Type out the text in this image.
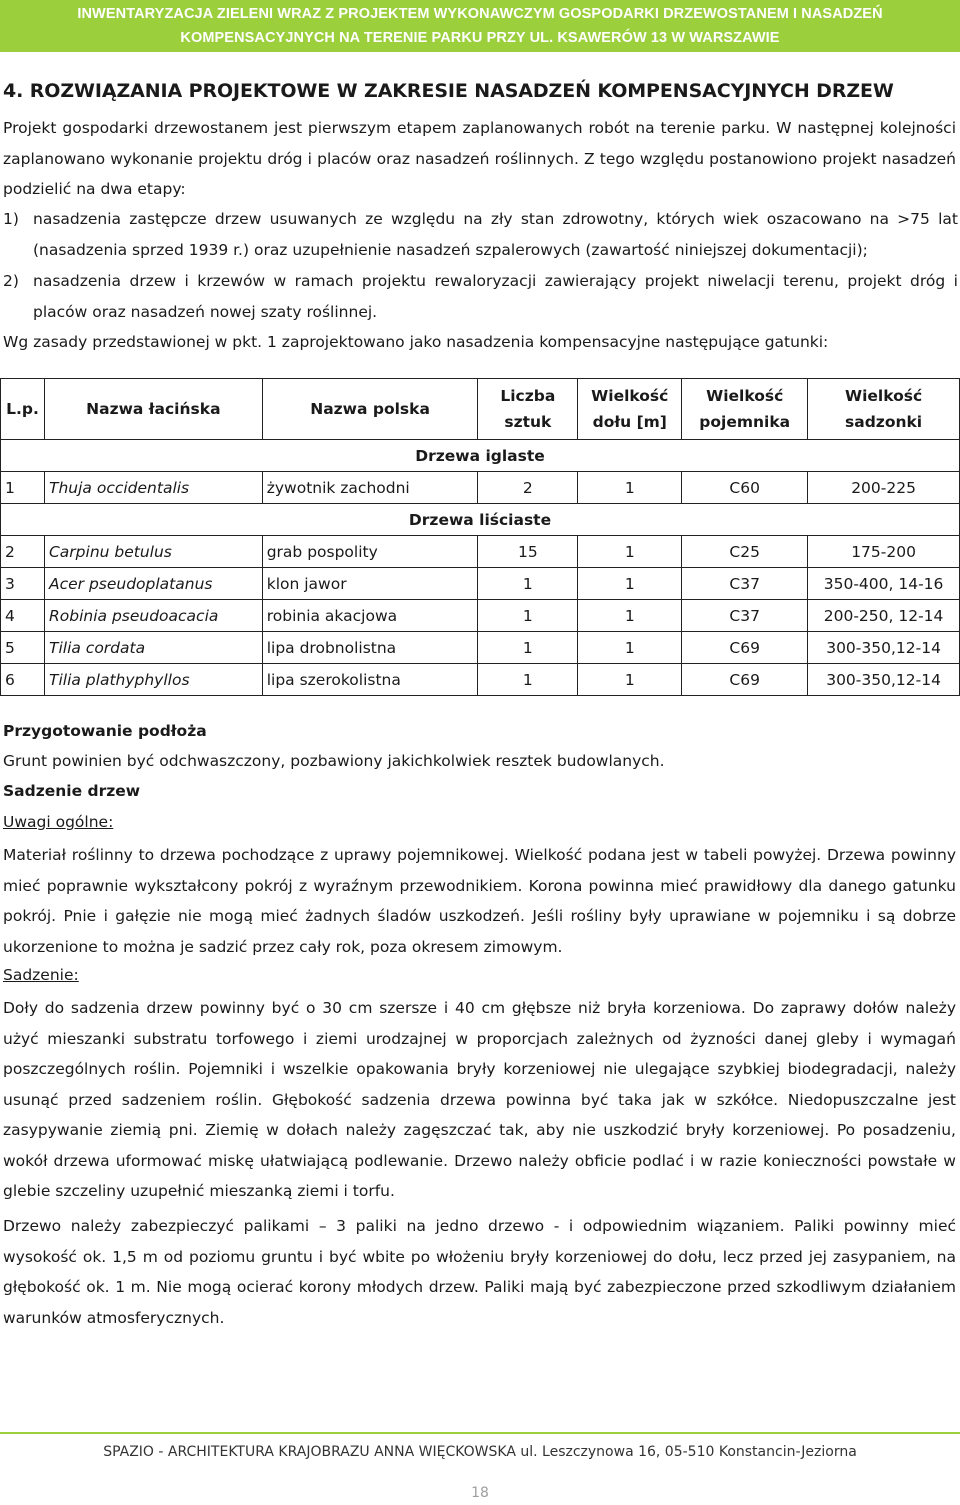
INWENTARYZACJA ZIELENI WRAZ Z PROJEKTEM WYKONAWCZYM GOSPODARKI DRZEWOSTANEM I NASADZEŃ
KOMPENSACYJNYCH NA TERENIE PARKU PRZY UL. KSAWERÓW 13 W WARSZAWIE
4. ROZWIĄZANIA PROJEKTOWE W ZAKRESIE NASADZEŃ KOMPENSACYJNYCH DRZEW

Projekt gospodarki drzewostanem jest pierwszym etapem zaplanowanych robót na terenie parku. W następnej kolejności zaplanowano wykonanie projektu dróg i placów oraz nasadzeń roślinnych. Z tego względu postanowiono projekt nasadzeń podzielić na dwa etapy:

1) nasadzenia zastępcze drzew usuwanych ze względu na zły stan zdrowotny, których wiek oszacowano na >75 lat (nasadzenia sprzed 1939 r.) oraz uzupełnienie nasadzeń szpalerowych (zawartość niniejszej dokumentacji);
2) nasadzenia drzew i krzewów w ramach projektu rewaloryzacji zawierający projekt niwelacji terenu, projekt dróg i placów oraz nasadzeń nowej szaty roślinnej.
Wg zasady przedstawionej w pkt. 1 zaprojektowano jako nasadzenia kompensacyjne następujące gatunki:
L.p.	Nazwa łacińska	Nazwa polska	Liczba sztuk	Wielkość dołu [m]	Wielkość pojemnika	Wielkość sadzonki
Drzewa iglaste						
1	Thuja occidentalis	żywotnik zachodni	2	1	C60	200-225
Drzewa liściaste						
2	Carpinu betulus	grab pospolity	15	1	C25	175-200
3	Acer pseudoplatanus	klon jawor	1	1	C37	350-400, 14-16
4	Robinia pseudoacacia	robinia akacjowa	1	1	C37	200-250, 12-14
5	Tilia cordata	lipa drobnolistna	1	1	C69	300-350,12-14
6	Tilia plathyphyllos	lipa szerokolistna	1	1	C69	300-350,12-14
Przygotowanie podłoża
Grunt powinien być odchwaszczony, pozbawiony jakichkolwiek resztek budowlanych.
Sadzenie drzew
Uwagi ogólne:

Materiał roślinny to drzewa pochodzące z uprawy pojemnikowej. Wielkość podana jest w tabeli powyżej. Drzewa powinny mieć poprawnie wykształcony pokrój z wyraźnym przewodnikiem. Korona powinna mieć prawidłowy dla danego gatunku pokrój. Pnie i gałęzie nie mogą mieć żadnych śladów uszkodzeń. Jeśli rośliny były uprawiane w pojemniku i są dobrze ukorzenione to można je sadzić przez cały rok, poza okresem zimowym.

Sadzenie:

Doły do sadzenia drzew powinny być o 30 cm szersze i 40 cm głębsze niż bryła korzeniowa. Do zaprawy dołów należy użyć mieszanki substratu torfowego i ziemi urodzajnej w proporcjach zależnych od żyzności danej gleby i wymagań poszczególnych roślin. Pojemniki i wszelkie opakowania bryły korzeniowej nie ulegające szybkiej biodegradacji, należy usunąć przed sadzeniem roślin. Głębokość sadzenia drzewa powinna być taka jak w szkółce. Niedopuszczalne jest zasypywanie ziemią pni. Ziemię w dołach należy zagęszczać tak, aby nie uszkodzić bryły korzeniowej. Po posadzeniu, wokół drzewa uformować miskę ułatwiającą podlewanie. Drzewo należy obficie podlać i w razie konieczności powstałe w glebie szczeliny uzupełnić mieszanką ziemi i torfu.

Drzewo należy zabezpieczyć palikami – 3 paliki na jedno drzewo - i odpowiednim wiązaniem. Paliki powinny mieć wysokość ok. 1,5 m od poziomu gruntu i być wbite po włożeniu bryły korzeniowej do dołu, lecz przed jej zasypaniem, na głębokość ok. 1 m. Nie mogą ocierać korony młodych drzew. Paliki mają być zabezpieczone przed szkodliwym działaniem warunków atmosferycznych.

SPAZIO - ARCHITEKTURA KRAJOBRAZU ANNA WIĘCKOWSKA ul. Leszczynowa 16, 05-510 Konstancin-Jeziorna
18
